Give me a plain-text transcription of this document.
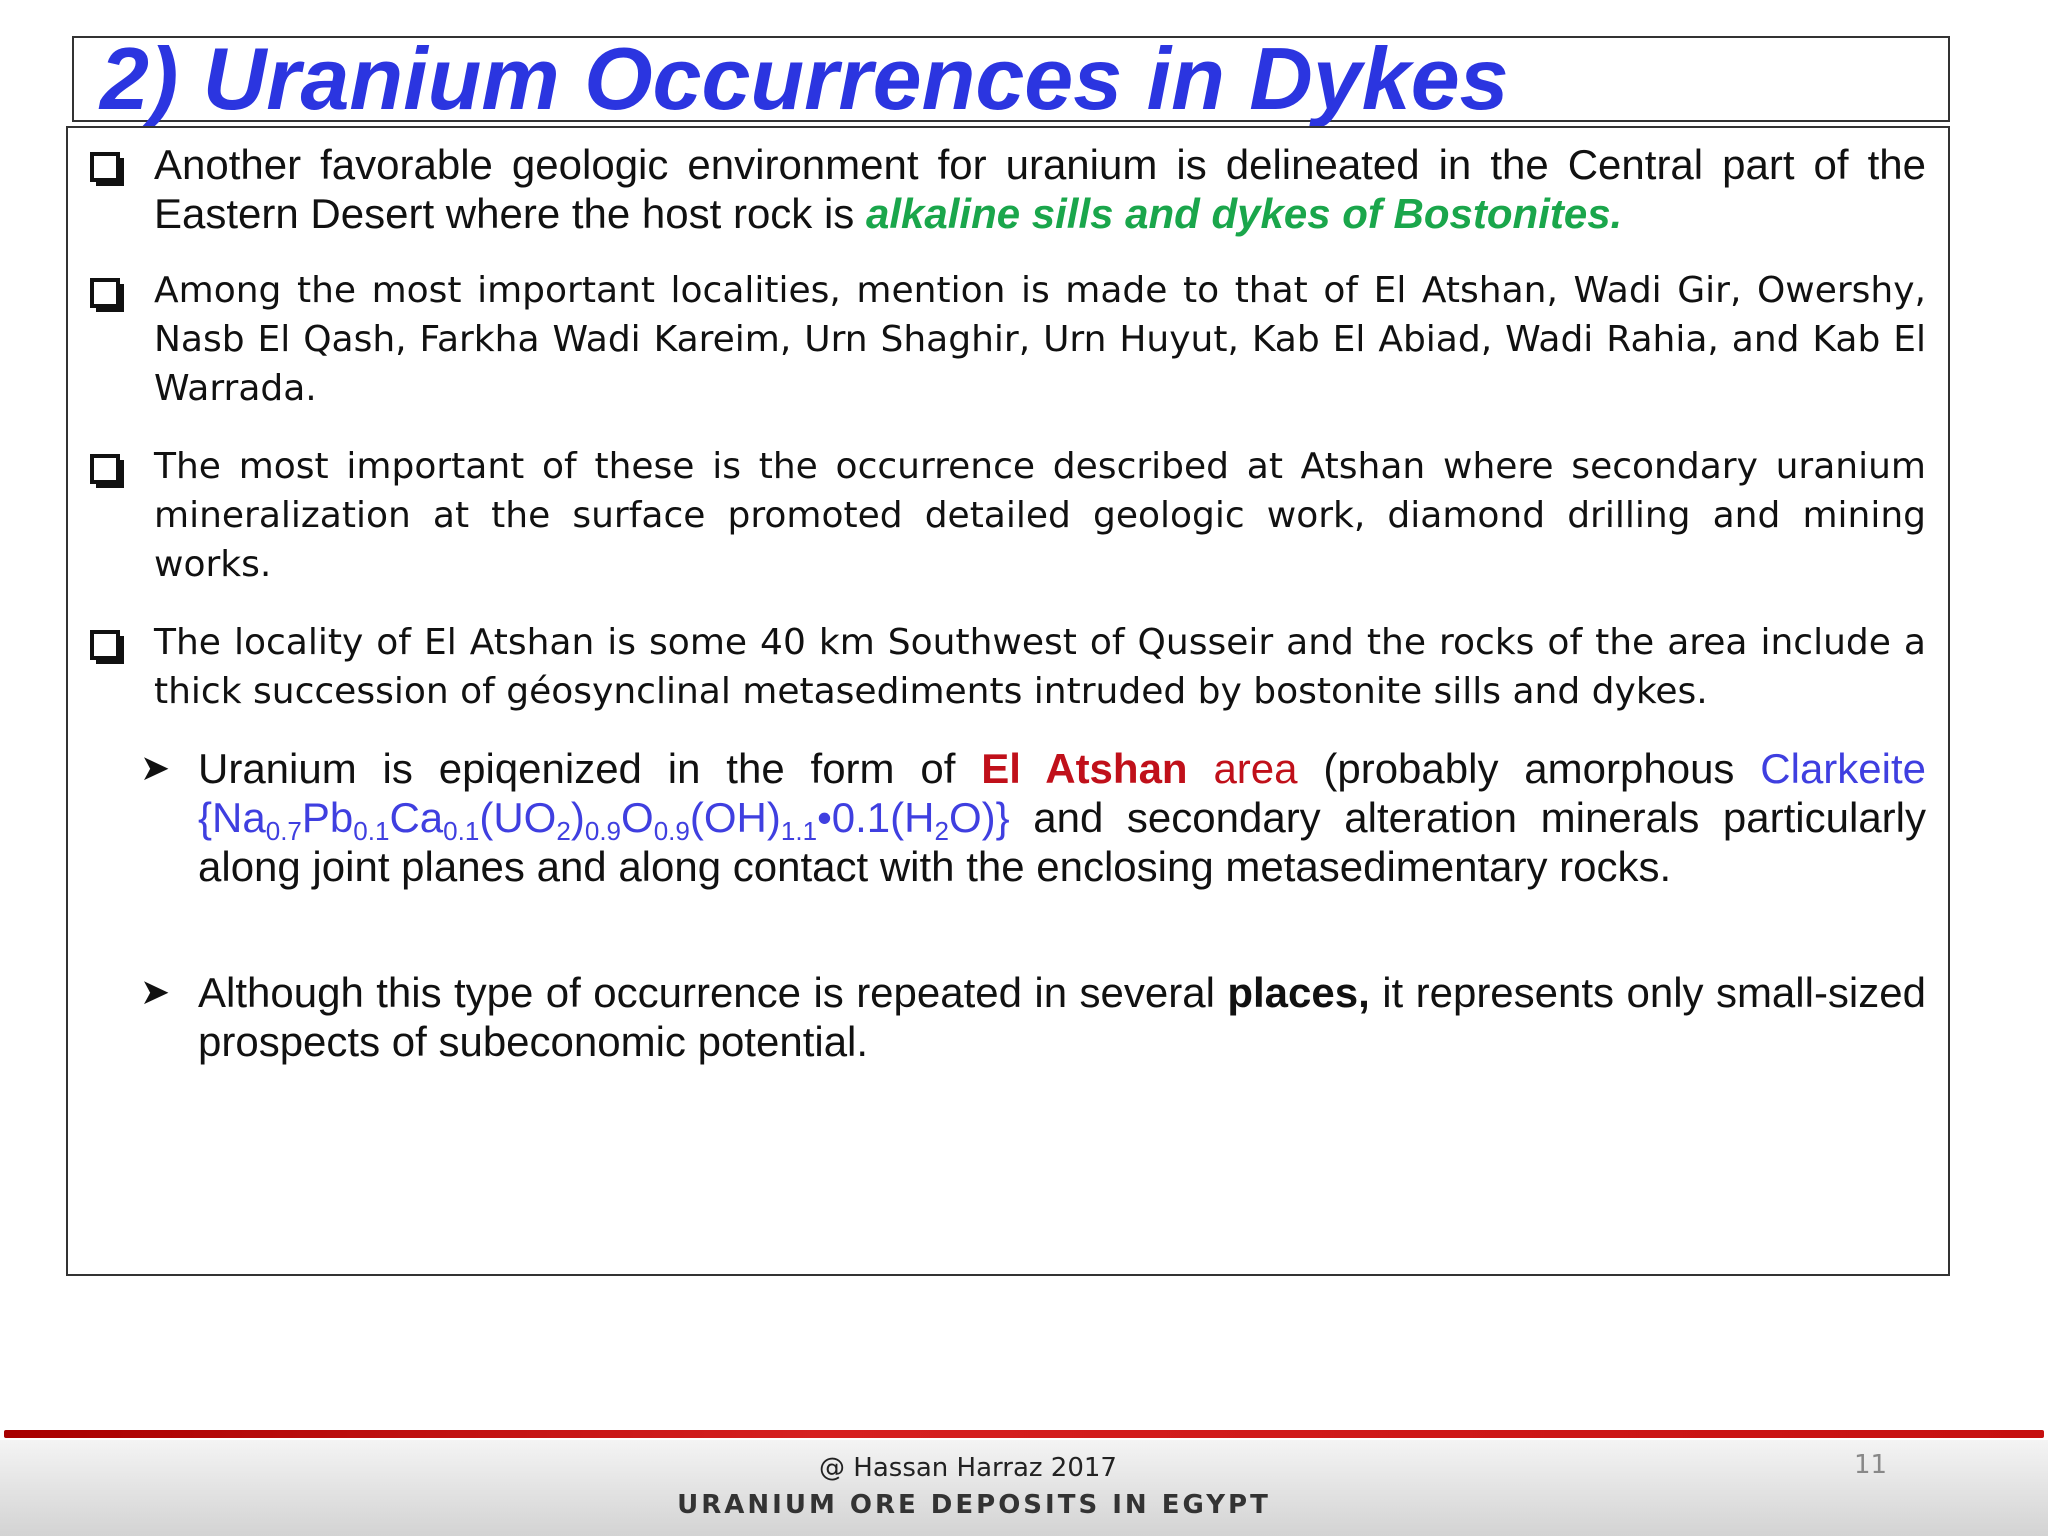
2) Uranium Occurrences in Dykes
Another favorable geologic environment for uranium is delineated in the Central part of the Eastern Desert where the host rock is alkaline sills and dykes of Bostonites.
Among the most important localities, mention is made to that of El Atshan, Wadi Gir, Owershy, Nasb El Qash, Farkha Wadi Kareim, Urn Shaghir, Urn Huyut, Kab El Abiad, Wadi Rahia, and Kab El Warrada.
The most important of these is the occurrence described at Atshan where secondary uranium mineralization at the surface promoted detailed geologic work, diamond drilling and mining works.
The locality of El Atshan is some 40 km Southwest of Qusseir and the rocks of the area include a thick succession of géosynclinal metasediments intruded by bostonite sills and dykes.
➤ Uranium is epiqenized in the form of El Atshan area (probably amorphous Clarkeite $\{Na_{0.7}Pb_{0.1}Ca_{0.1}(UO_2)_{0.9}O_{0.9}(OH)_{1.1}•0.1(H_2O)\}$ and secondary alteration minerals particularly along joint planes and along contact with the enclosing metasedimentary rocks.
➤ Although this type of occurrence is repeated in several places, it represents only small-sized prospects of subeconomic potential.
@ Hassan Harraz 2017
URANIUM ORE DEPOSITS IN EGYPT
11
